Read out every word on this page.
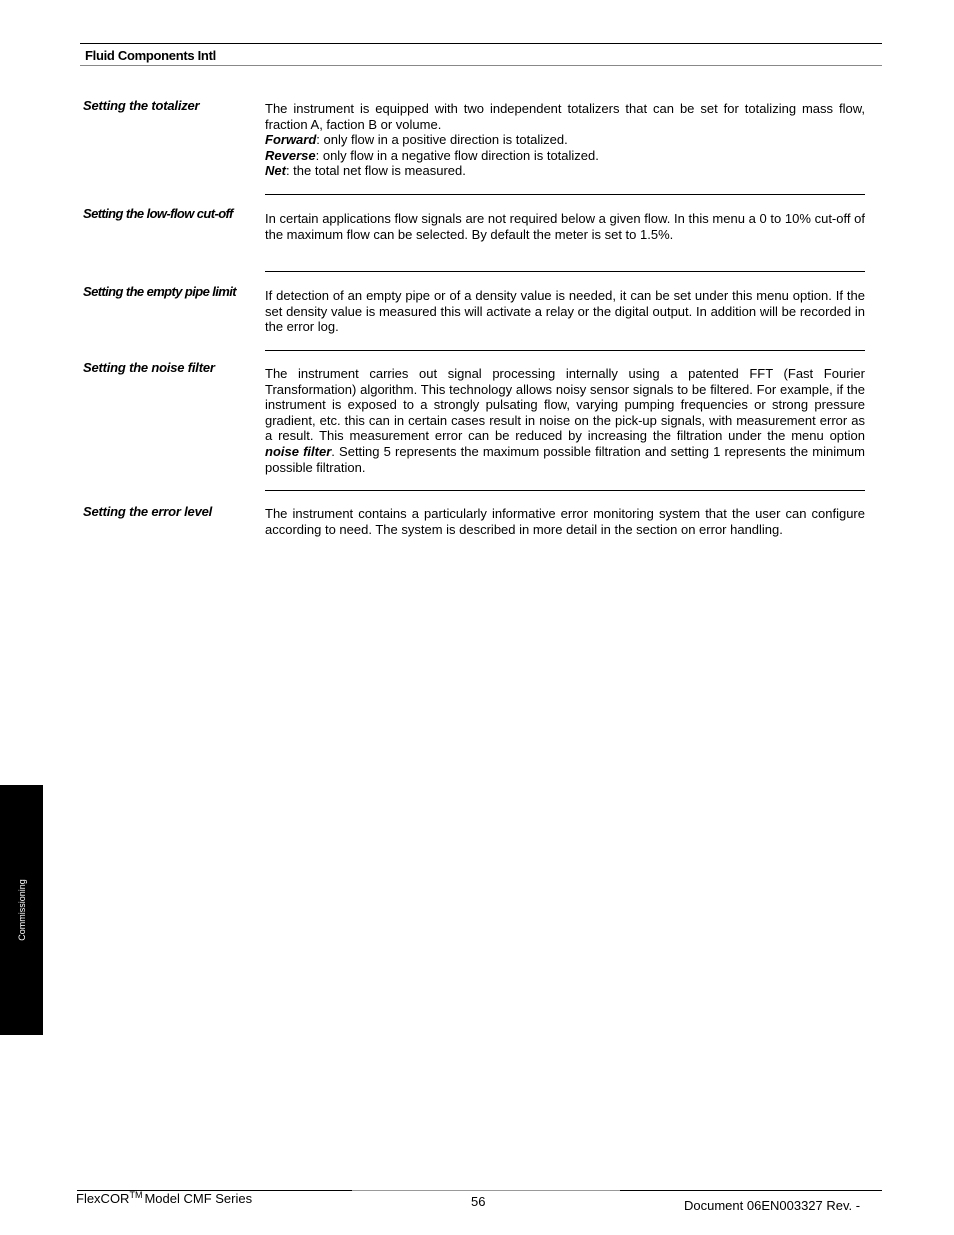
Fluid Components Intl
Setting the totalizer	The instrument is equipped with two independent totalizers that can be set for totalizing mass flow, fraction A, faction B or volume.

Forward: only flow in a positive direction is totalized.

Reverse: only flow in a negative flow direction is totalized.

Net: the total net flow is measured.

Setting the low-flow cut-off	In certain applications flow signals are not required below a given flow. In this menu a 0 to 10% cut-off of the maximum flow can be selected. By default the meter is set to 1.5%.
Setting the empty pipe limit	If detection of an empty pipe or of a density value is needed, it can be set under this menu option. If the set density value is measured this will activate a relay or the digital output. In addition will be recorded in the error log.
Setting the noise filter	The instrument carries out signal processing internally using a patented FFT (Fast Fourier Transformation) algorithm. This technology allows noisy sensor signals to be filtered. For example, if the instrument is exposed to a strongly pulsating flow, varying pumping frequencies or strong pressure gradient, etc. this can in certain cases result in noise on the pick-up signals, with measurement error as a result. This measurement error can be reduced by increasing the filtration under the menu option noise filter. Setting 5 represents the maximum possible filtration and setting 1 represents the minimum possible filtration.
Setting the error level	The instrument contains a particularly informative error monitoring system that the user can configure according to need. The system is described in more detail in the section on error handling.
Commissioning
FlexCOR™ Model CMF Series	56	Document 06EN003327 Rev. -
